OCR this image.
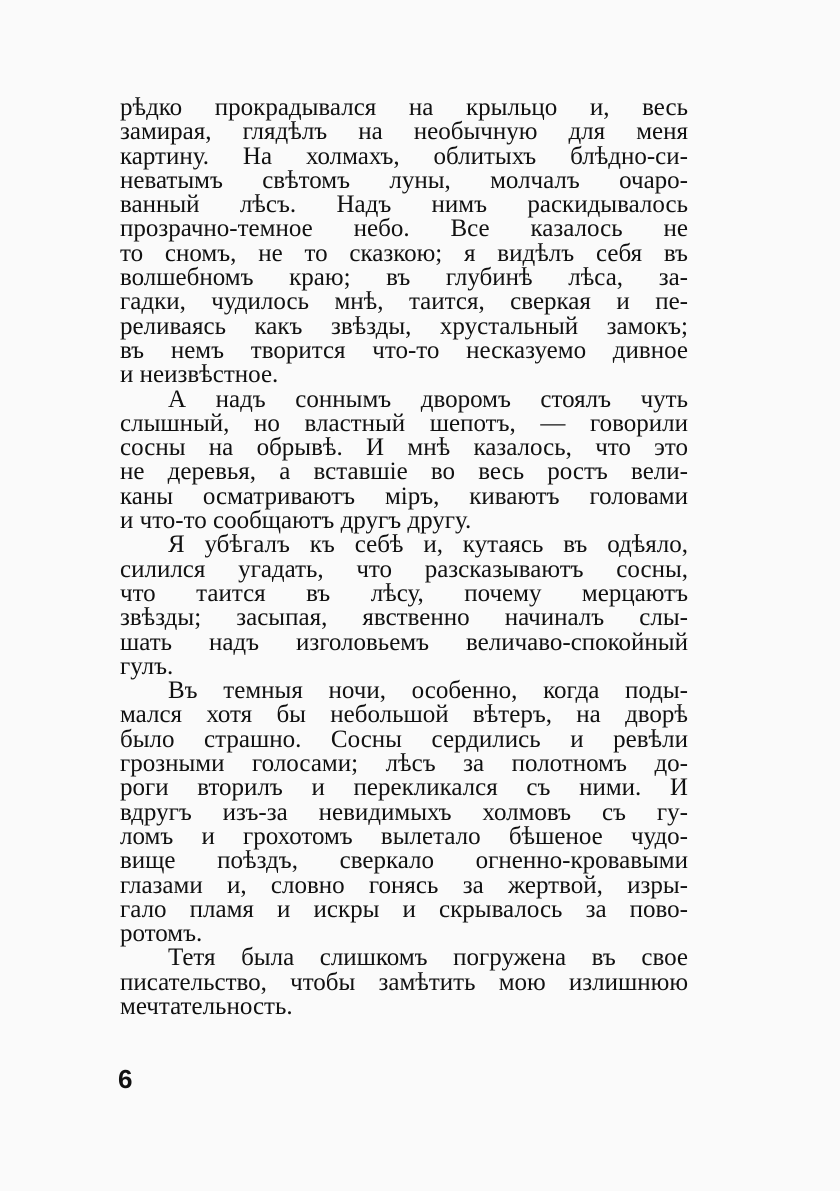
рѣдко прокрадывался на крыльцо и, весь
замирая, глядѣлъ на необычную для меня
картину. На холмахъ, облитыхъ блѣдно-си-
неватымъ свѣтомъ луны, молчалъ очаро-
ванный лѣсъ. Надъ нимъ раскидывалось
прозрачно-темное небо. Все казалось не
то сномъ, не то сказкою; я видѣлъ себя въ
волшебномъ краю; въ глубинѣ лѣса, за-
гадки, чудилось мнѣ, таится, сверкая и пе-
реливаясь какъ звѣзды, хрустальный замокъ;
въ немъ творится что-то несказуемо дивное
и неизвѣстное.
А надъ соннымъ дворомъ стоялъ чуть
слышный, но властный шепотъ, — говорили
сосны на обрывѣ. И мнѣ казалось, что это
не деревья, а вставшіе во весь ростъ вели-
каны осматриваютъ міръ, киваютъ головами
и что-то сообщаютъ другъ другу.
Я убѣгалъ къ себѣ и, кутаясь въ одѣяло,
силился угадать, что разсказываютъ сосны,
что таится въ лѣсу, почему мерцаютъ
звѣзды; засыпая, явственно начиналъ слы-
шать надъ изголовьемъ величаво-спокойный
гулъ.
Въ темныя ночи, особенно, когда поды-
мался хотя бы небольшой вѣтеръ, на дворѣ
было страшно. Сосны сердились и ревѣли
грозными голосами; лѣсъ за полотномъ до-
роги вторилъ и перекликался съ ними. И
вдругъ изъ-за невидимыхъ холмовъ съ гу-
ломъ и грохотомъ вылетало бѣшеное чудо-
вище поѣздъ, сверкало огненно-кровавыми
глазами и, словно гонясь за жертвой, изры-
гало пламя и искры и скрывалось за пово-
ротомъ.
Тетя была слишкомъ погружена въ свое
писательство, чтобы замѣтить мою излишнюю
мечтательность.
6
